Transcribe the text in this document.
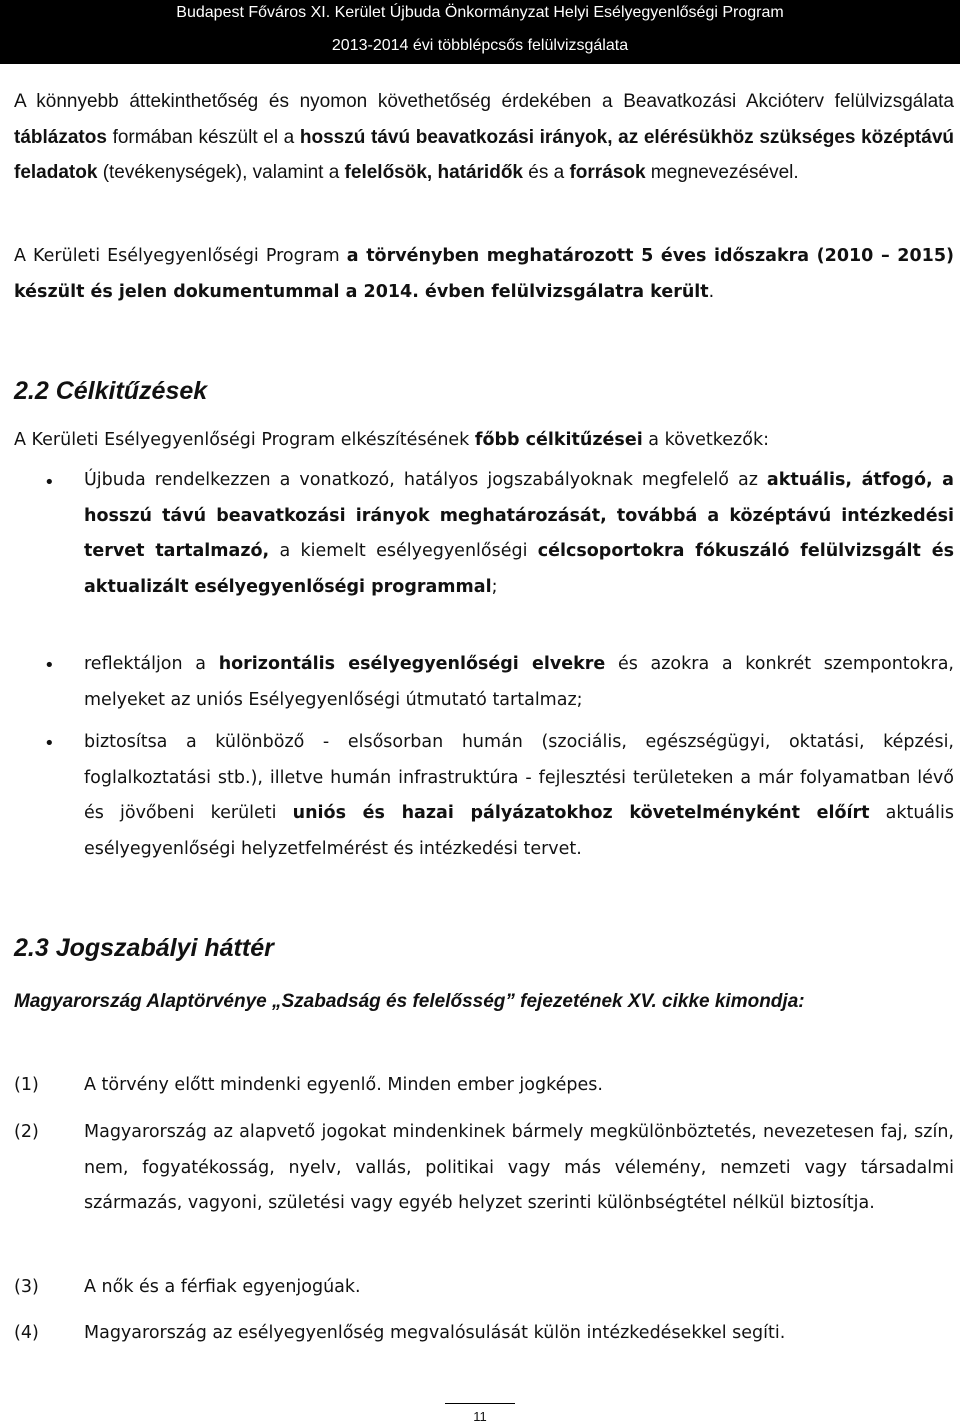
Budapest Főváros XI. Kerület Újbuda Önkormányzat Helyi Esélyegyenlőségi Program
2013-2014 évi többlépcsős felülvizsgálata
A könnyebb áttekinthetőség és nyomon követhetőség érdekében a Beavatkozási Akcióterv felülvizsgálata táblázatos formában készült el a hosszú távú beavatkozási irányok, az elérésükhöz szükséges középtávú feladatok (tevékenységek), valamint a felelősök, határidők és a források megnevezésével.
A Kerületi Esélyegyenlőségi Program a törvényben meghatározott 5 éves időszakra (2010 – 2015) készült és jelen dokumentummal a 2014. évben felülvizsgálatra került.
2.2 Célkitűzések
A Kerületi Esélyegyenlőségi Program elkészítésének főbb célkitűzései a következők:
• Újbuda rendelkezzen a vonatkozó, hatályos jogszabályoknak megfelelő az aktuális, átfogó, a hosszú távú beavatkozási irányok meghatározását, továbbá a középtávú intézkedési tervet tartalmazó, a kiemelt esélyegyenlőségi célcsoportokra fókuszáló felülvizsgált és aktualizált esélyegyenlőségi programmal;
• reflektáljon a horizontális esélyegyenlőségi elvekre és azokra a konkrét szempontokra, melyeket az uniós Esélyegyenlőségi útmutató tartalmaz;
• biztosítsa a különböző - elsősorban humán (szociális, egészségügyi, oktatási, képzési, foglalkoztatási stb.), illetve humán infrastruktúra - fejlesztési területeken a már folyamatban lévő és jövőbeni kerületi uniós és hazai pályázatokhoz követelményként előírt aktuális esélyegyenlőségi helyzetfelmérést és intézkedési tervet.
2.3 Jogszabályi háttér
Magyarország Alaptörvénye „Szabadság és felelősség” fejezetének XV. cikke kimondja:
(1)	A törvény előtt mindenki egyenlő. Minden ember jogképes.
(2)	Magyarország az alapvető jogokat mindenkinek bármely megkülönböztetés, nevezetesen faj, szín, nem, fogyatékosság, nyelv, vallás, politikai vagy más vélemény, nemzeti vagy társadalmi származás, vagyoni, születési vagy egyéb helyzet szerinti különbségtétel nélkül biztosítja.
(3)	A nők és a férfiak egyenjogúak.
(4)	Magyarország az esélyegyenlőség megvalósulását külön intézkedésekkel segíti.
11
